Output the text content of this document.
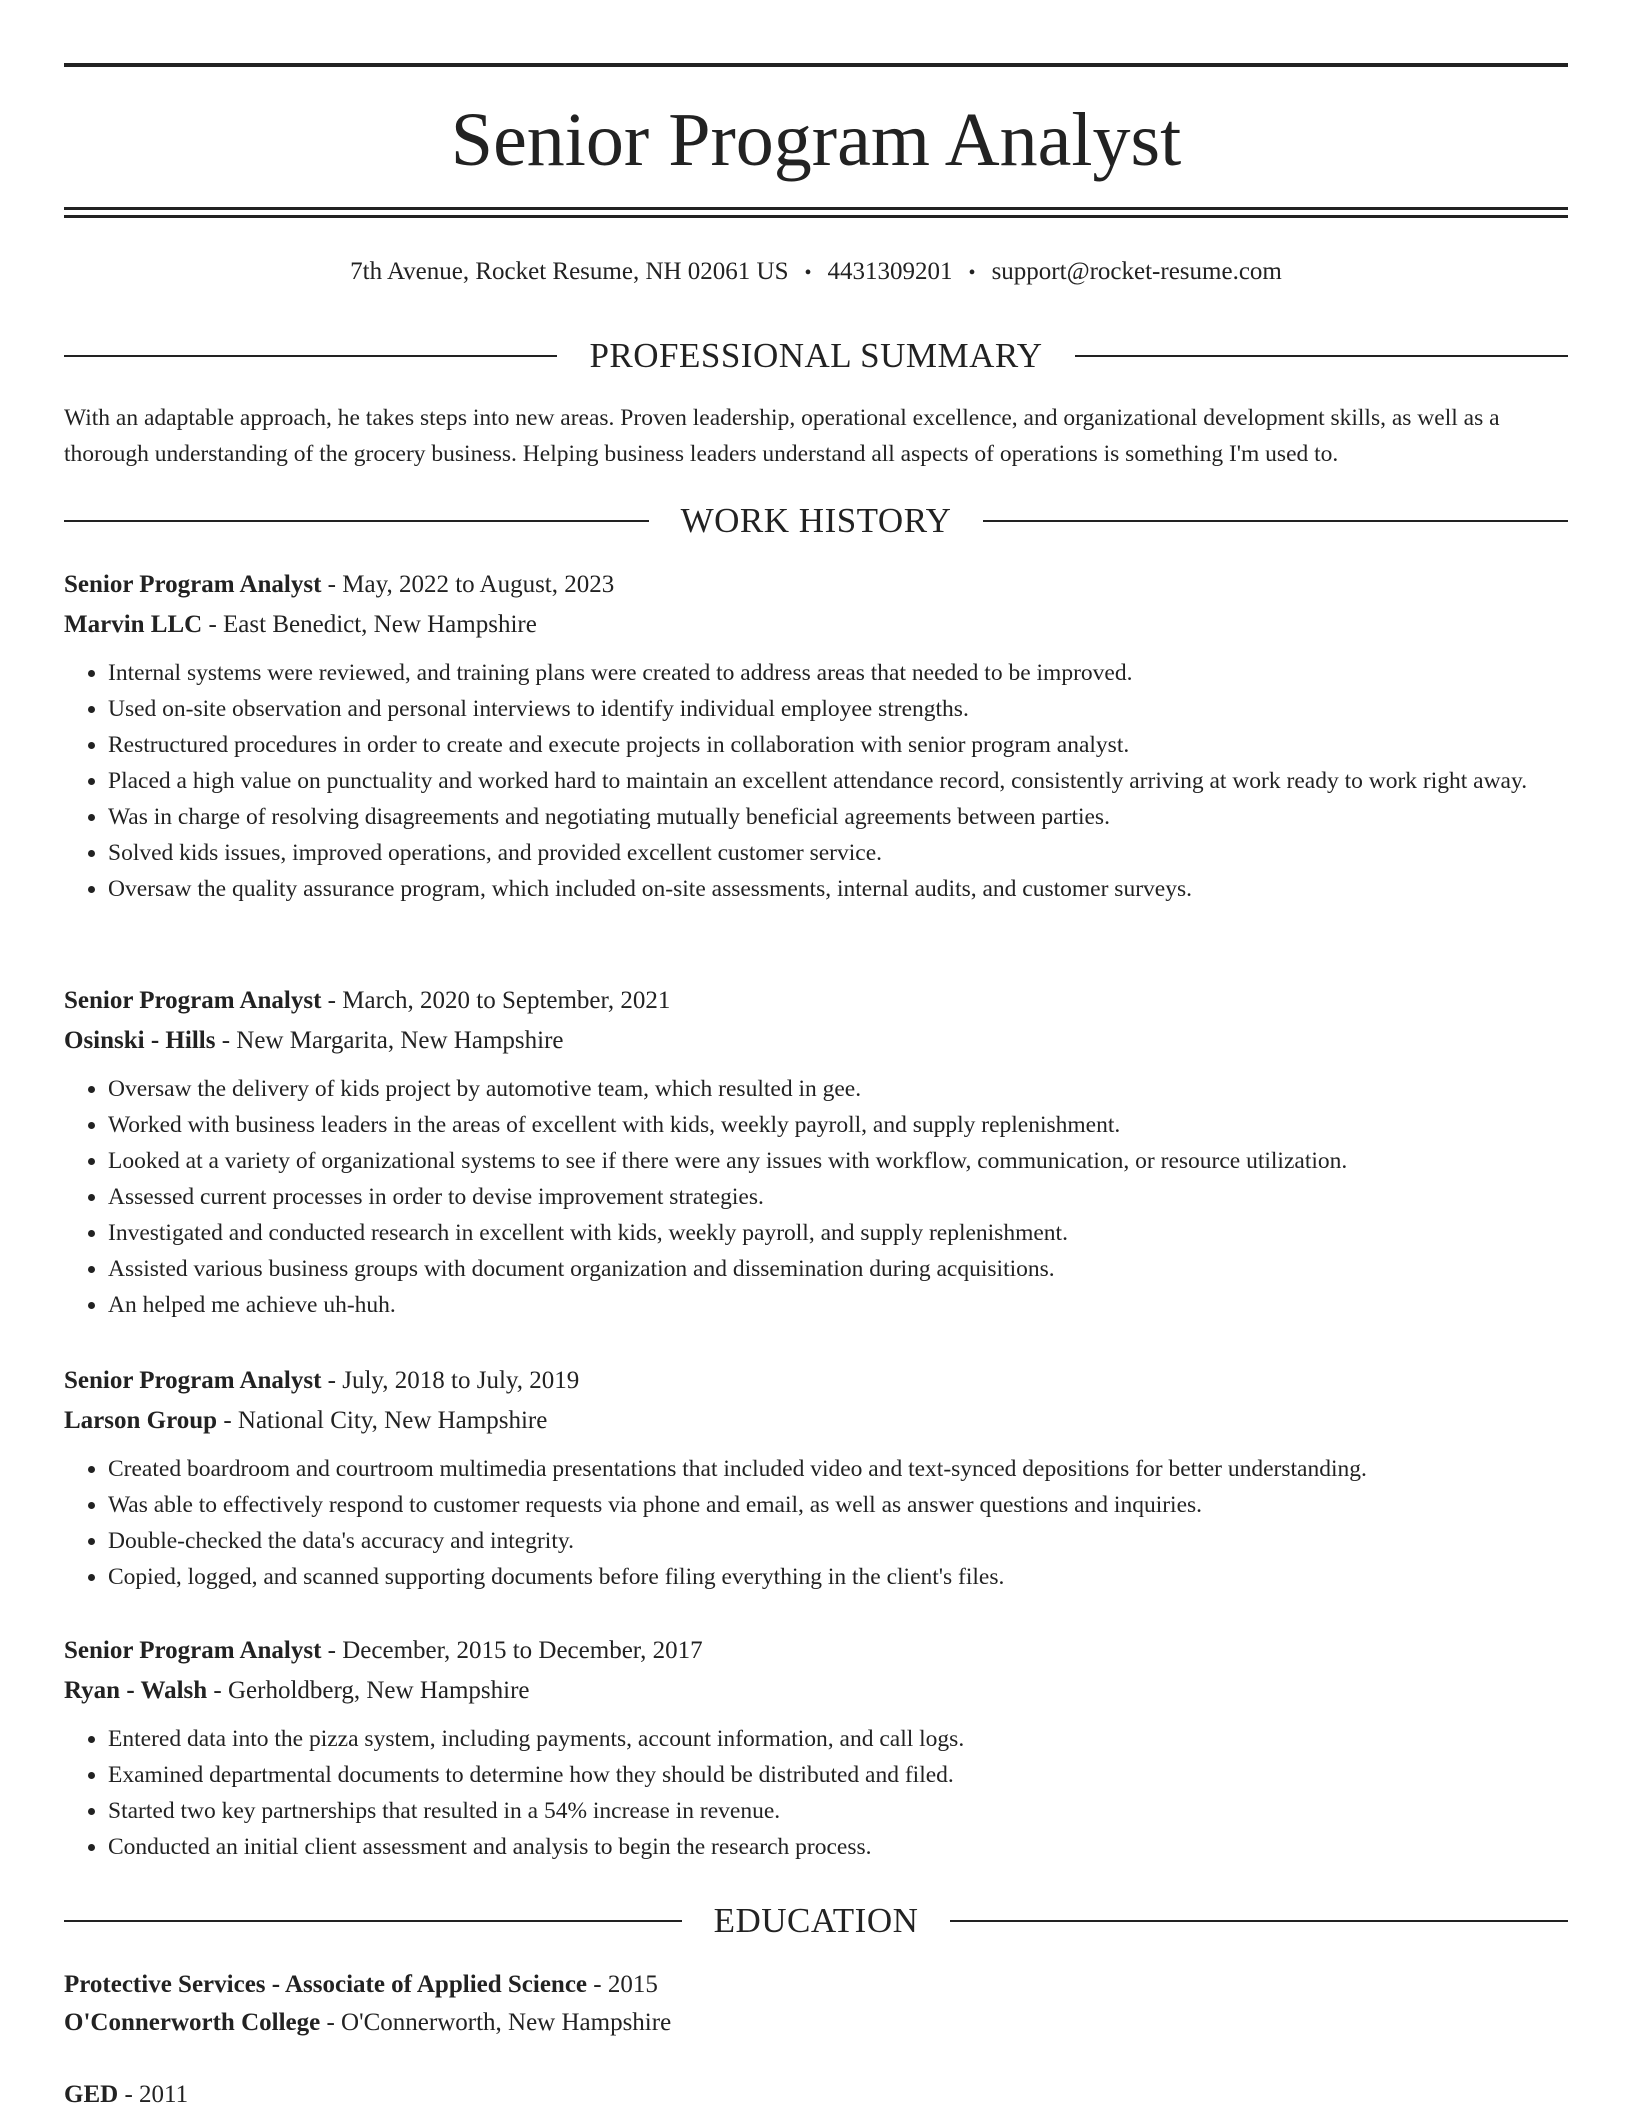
Senior Program Analyst
7th Avenue, Rocket Resume, NH 02061 US • 4431309201 • support@rocket-resume.com
PROFESSIONAL SUMMARY
With an adaptable approach, he takes steps into new areas. Proven leadership, operational excellence, and organizational development skills, as well as a thorough understanding of the grocery business. Helping business leaders understand all aspects of operations is something I'm used to.
WORK HISTORY
Senior Program Analyst - May, 2022 to August, 2023
Marvin LLC - East Benedict, New Hampshire
• Internal systems were reviewed, and training plans were created to address areas that needed to be improved.
• Used on-site observation and personal interviews to identify individual employee strengths.
• Restructured procedures in order to create and execute projects in collaboration with senior program analyst.
• Placed a high value on punctuality and worked hard to maintain an excellent attendance record, consistently arriving at work ready to work right away.
• Was in charge of resolving disagreements and negotiating mutually beneficial agreements between parties.
• Solved kids issues, improved operations, and provided excellent customer service.
• Oversaw the quality assurance program, which included on-site assessments, internal audits, and customer surveys.
Senior Program Analyst - March, 2020 to September, 2021
Osinski - Hills - New Margarita, New Hampshire
• Oversaw the delivery of kids project by automotive team, which resulted in gee.
• Worked with business leaders in the areas of excellent with kids, weekly payroll, and supply replenishment.
• Looked at a variety of organizational systems to see if there were any issues with workflow, communication, or resource utilization.
• Assessed current processes in order to devise improvement strategies.
• Investigated and conducted research in excellent with kids, weekly payroll, and supply replenishment.
• Assisted various business groups with document organization and dissemination during acquisitions.
• An helped me achieve uh-huh.
Senior Program Analyst - July, 2018 to July, 2019
Larson Group - National City, New Hampshire
• Created boardroom and courtroom multimedia presentations that included video and text-synced depositions for better understanding.
• Was able to effectively respond to customer requests via phone and email, as well as answer questions and inquiries.
• Double-checked the data's accuracy and integrity.
• Copied, logged, and scanned supporting documents before filing everything in the client's files.
Senior Program Analyst - December, 2015 to December, 2017
Ryan - Walsh - Gerholdberg, New Hampshire
• Entered data into the pizza system, including payments, account information, and call logs.
• Examined departmental documents to determine how they should be distributed and filed.
• Started two key partnerships that resulted in a 54% increase in revenue.
• Conducted an initial client assessment and analysis to begin the research process.
EDUCATION
Protective Services - Associate of Applied Science - 2015
O'Connerworth College - O'Connerworth, New Hampshire
GED - 2011
